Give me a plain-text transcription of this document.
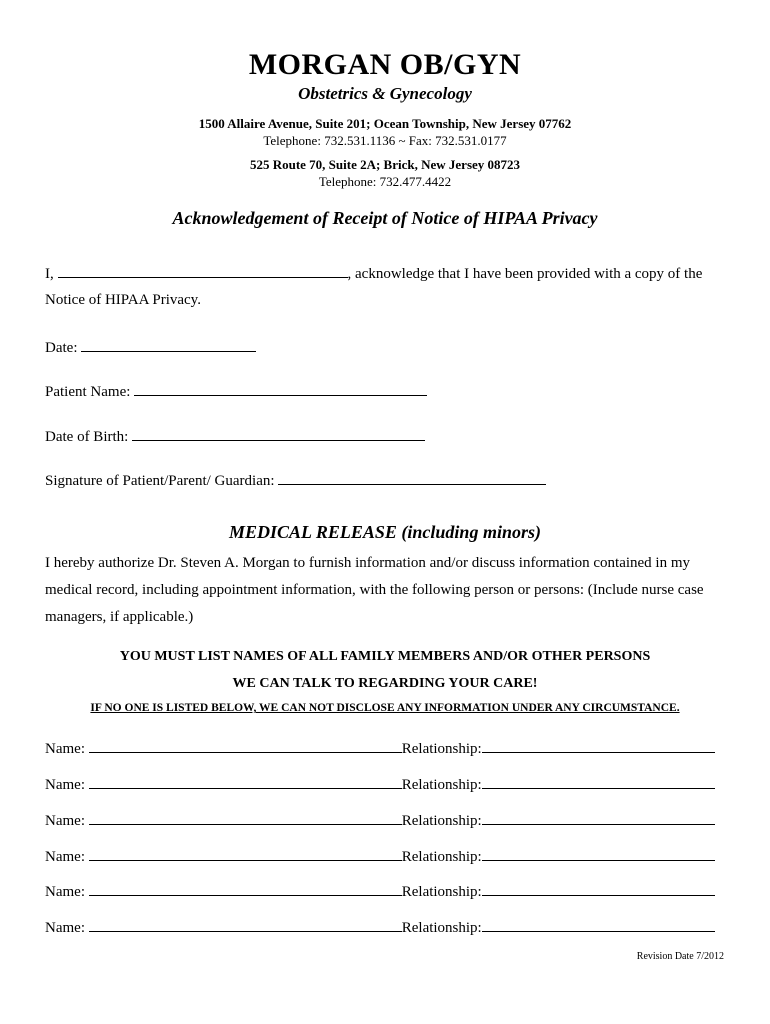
MORGAN OB/GYN
Obstetrics & Gynecology
1500 Allaire Avenue, Suite 201; Ocean Township, New Jersey 07762
Telephone: 732.531.1136 ~ Fax: 732.531.0177
525 Route 70, Suite 2A; Brick, New Jersey 08723
Telephone: 732.477.4422
Acknowledgement of Receipt of Notice of HIPAA Privacy
I,	, acknowledge that I have been provided with a copy of the
Notice of HIPAA Privacy.
Date:
Patient Name:
Date of Birth:
Signature of Patient/Parent/ Guardian:
MEDICAL RELEASE (including minors)
I hereby authorize Dr. Steven A. Morgan to furnish information and/or discuss information contained in my
medical record, including appointment information, with the following person or persons: (Include nurse case
managers, if applicable.)
YOU MUST LIST NAMES OF ALL FAMILY MEMBERS AND/OR OTHER PERSONS
WE CAN TALK TO REGARDING YOUR CARE!
IF NO ONE IS LISTED BELOW, WE CAN NOT DISCLOSE ANY INFORMATION UNDER ANY CIRCUMSTANCE.
Name:	Relationship:
Name:	Relationship:
Name:	Relationship:
Name:	Relationship:
Name:	Relationship:
Name:	Relationship:
Revision Date 7/2012
